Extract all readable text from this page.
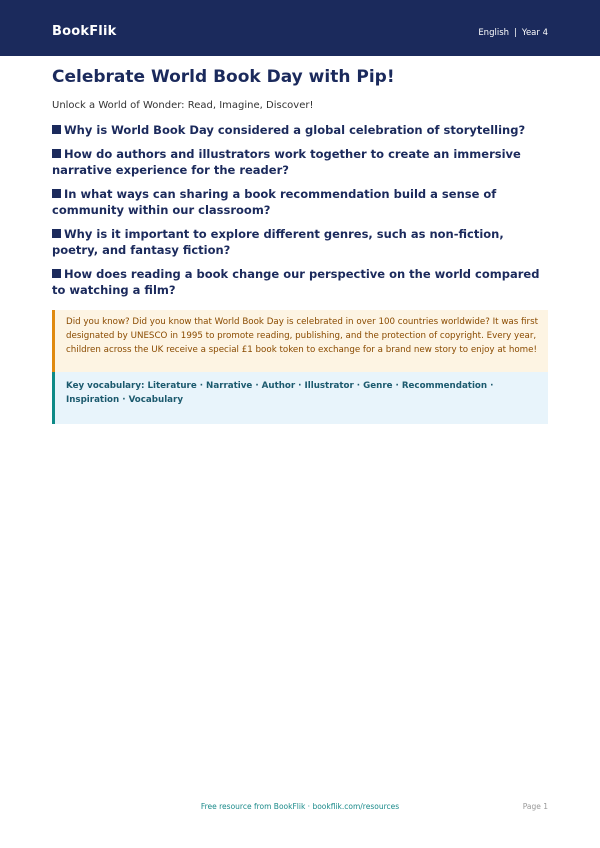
BookFlik	English | Year 4
Celebrate World Book Day with Pip!
Unlock a World of Wonder: Read, Imagine, Discover!
Why is World Book Day considered a global celebration of storytelling?
How do authors and illustrators work together to create an immersive narrative experience for the reader?
In what ways can sharing a book recommendation build a sense of community within our classroom?
Why is it important to explore different genres, such as non-fiction, poetry, and fantasy fiction?
How does reading a book change our perspective on the world compared to watching a film?
Did you know? Did you know that World Book Day is celebrated in over 100 countries worldwide? It was first designated by UNESCO in 1995 to promote reading, publishing, and the protection of copyright. Every year, children across the UK receive a special £1 book token to exchange for a brand new story to enjoy at home!
Key vocabulary: Literature · Narrative · Author · Illustrator · Genre · Recommendation · Inspiration · Vocabulary
Free resource from BookFlik · bookflik.com/resources	Page 1
